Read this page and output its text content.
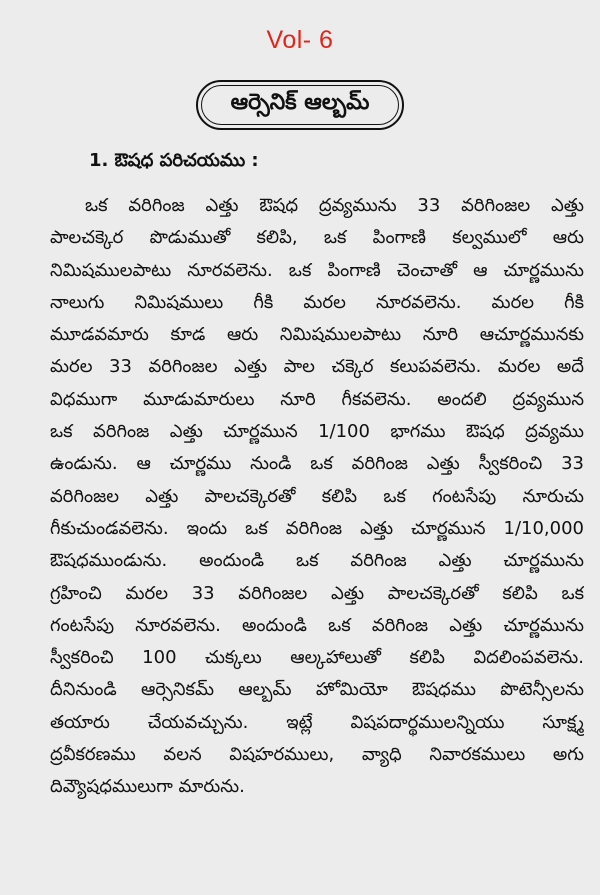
Vol- 6
ఆర్సెనిక్ ఆల్బమ్
1. ఔషధ పరిచయము :
ఒక వరిగింజ ఎత్తు ఔషధ ద్రవ్యమును 33 వరిగింజల ఎత్తు
పాలచక్కెర పొడుముతో కలిపి, ఒక పింగాణి కల్వములో ఆరు
నిమిషములపాటు నూరవలెను. ఒక పింగాణి చెంచాతో ఆ చూర్ణమును
నాలుగు నిమిషములు గీకి మరల నూరవలెను. మరల గీకి
మూడవమారు కూడ ఆరు నిమిషములపాటు నూరి ఆచూర్ణమునకు
మరల 33 వరిగింజల ఎత్తు పాల చక్కెర కలుపవలెను. మరల అదే
విధముగా మూడుమారులు నూరి గీకవలెను. అందలి ద్రవ్యమున
ఒక వరిగింజ ఎత్తు చూర్ణమున 1/100 భాగము ఔషధ ద్రవ్యము
ఉండును. ఆ చూర్ణము నుండి ఒక వరిగింజ ఎత్తు స్వీకరించి 33
వరిగింజల ఎత్తు పాలచక్కెరతో కలిపి ఒక గంటసేపు నూరుచు
గీకుచుండవలెను. ఇందు ఒక వరిగింజ ఎత్తు చూర్ణమున 1/10,000
ఔషధముండును. అందుండి ఒక వరిగింజ ఎత్తు చూర్ణమును
గ్రహించి మరల 33 వరిగింజల ఎత్తు పాలచక్కెరతో కలిపి ఒక
గంటసేపు నూరవలెను. అందుండి ఒక వరిగింజ ఎత్తు చూర్ణమును
స్వీకరించి 100 చుక్కలు ఆల్కహాలుతో కలిపి విదలింపవలెను.
దీనినుండి ఆర్సెనికమ్ ఆల్బమ్ హోమియో ఔషధము పొటెన్సీలను
తయారు చేయవచ్చును. ఇట్లే విషపదార్థములన్నియు సూక్ష్మ
ద్రవీకరణము వలన విషహరములు, వ్యాధి నివారకములు అగు
దివ్యౌషధములుగా మారును.
